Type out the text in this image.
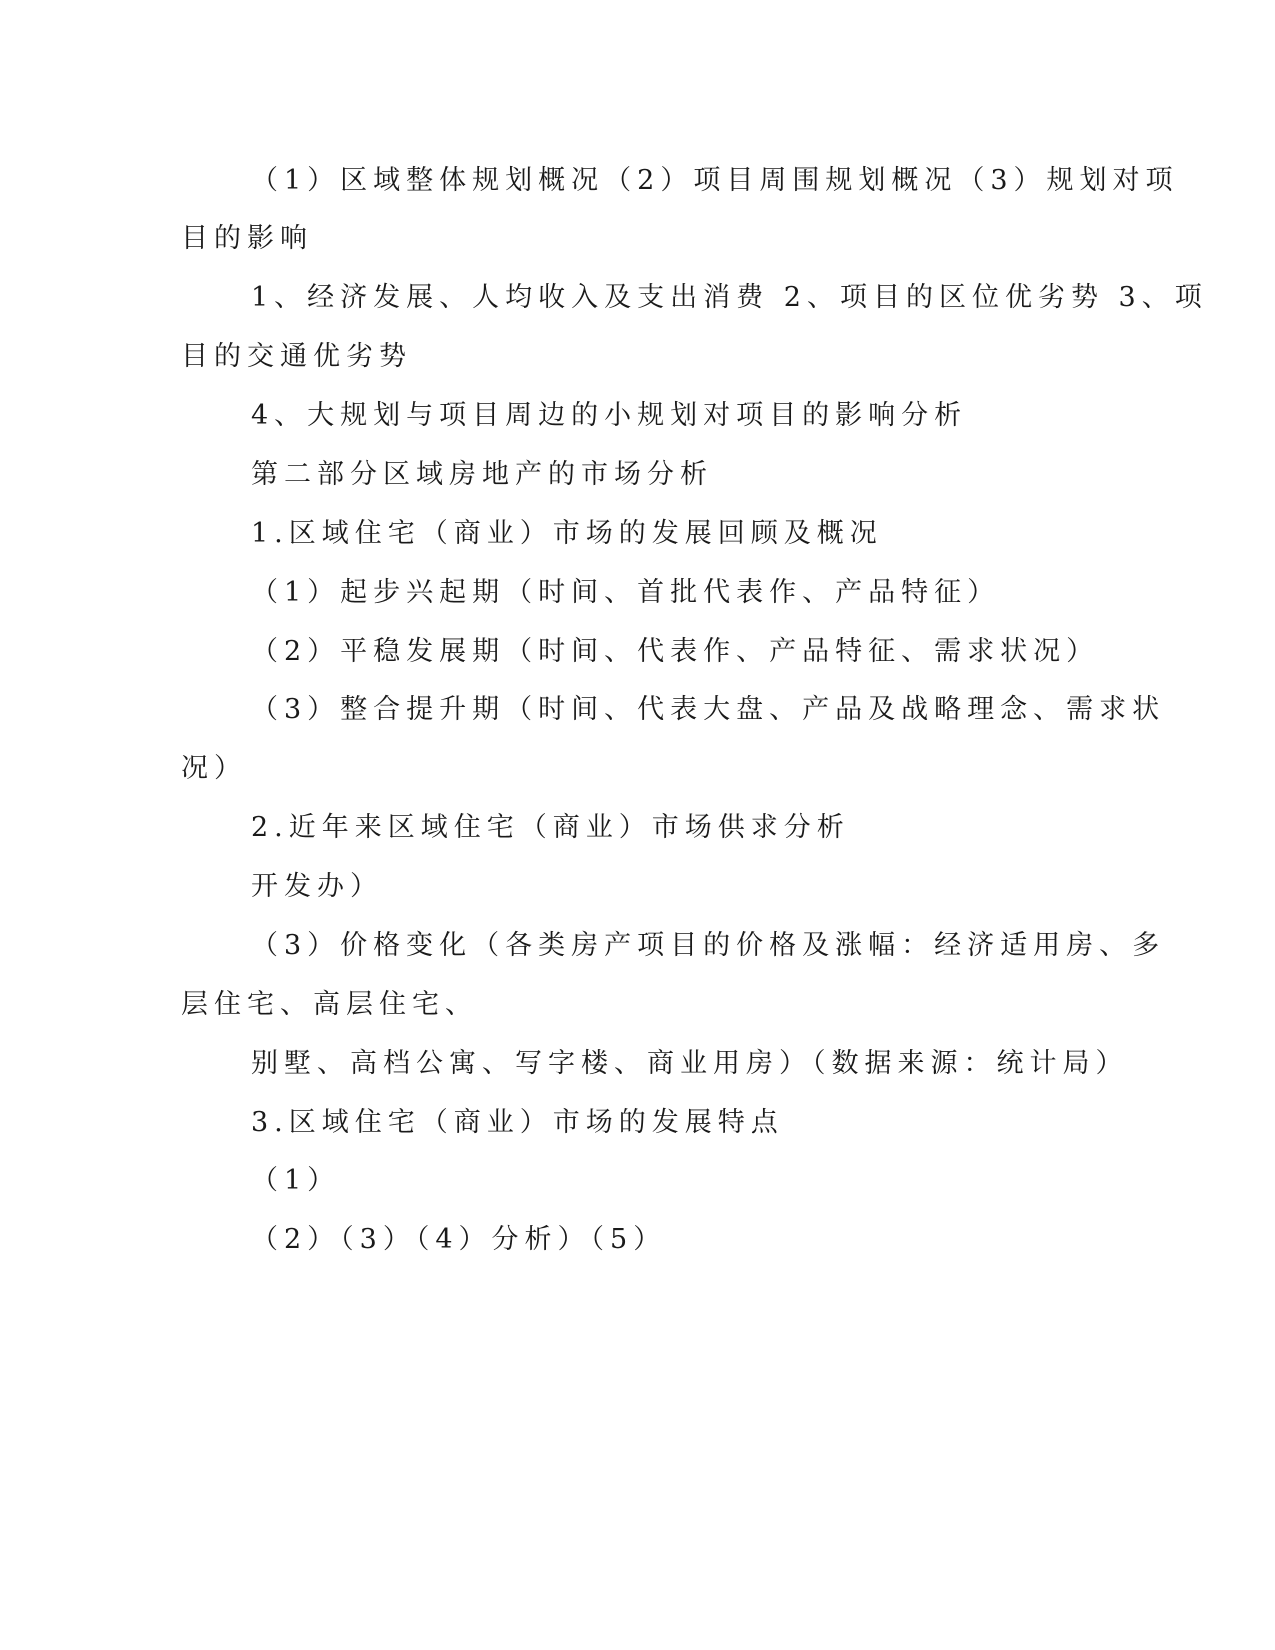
（1）区域整体规划概况（2）项目周围规划概况（3）规划对项
目的影响
1、经济发展、人均收入及支出消费 2、项目的区位优劣势 3、项
目的交通优劣势
4、大规划与项目周边的小规划对项目的影响分析
第二部分区域房地产的市场分析
1.区域住宅（商业）市场的发展回顾及概况
（1）起步兴起期（时间、首批代表作、产品特征）
（2）平稳发展期（时间、代表作、产品特征、需求状况）
（3）整合提升期（时间、代表大盘、产品及战略理念、需求状
况）
2.近年来区域住宅（商业）市场供求分析
开发办）
（3）价格变化（各类房产项目的价格及涨幅：经济适用房、多
层住宅、高层住宅、
别墅、高档公寓、写字楼、商业用房）（数据来源：统计局）
3.区域住宅（商业）市场的发展特点
（1）
（2）（3）（4）分析）（5）
